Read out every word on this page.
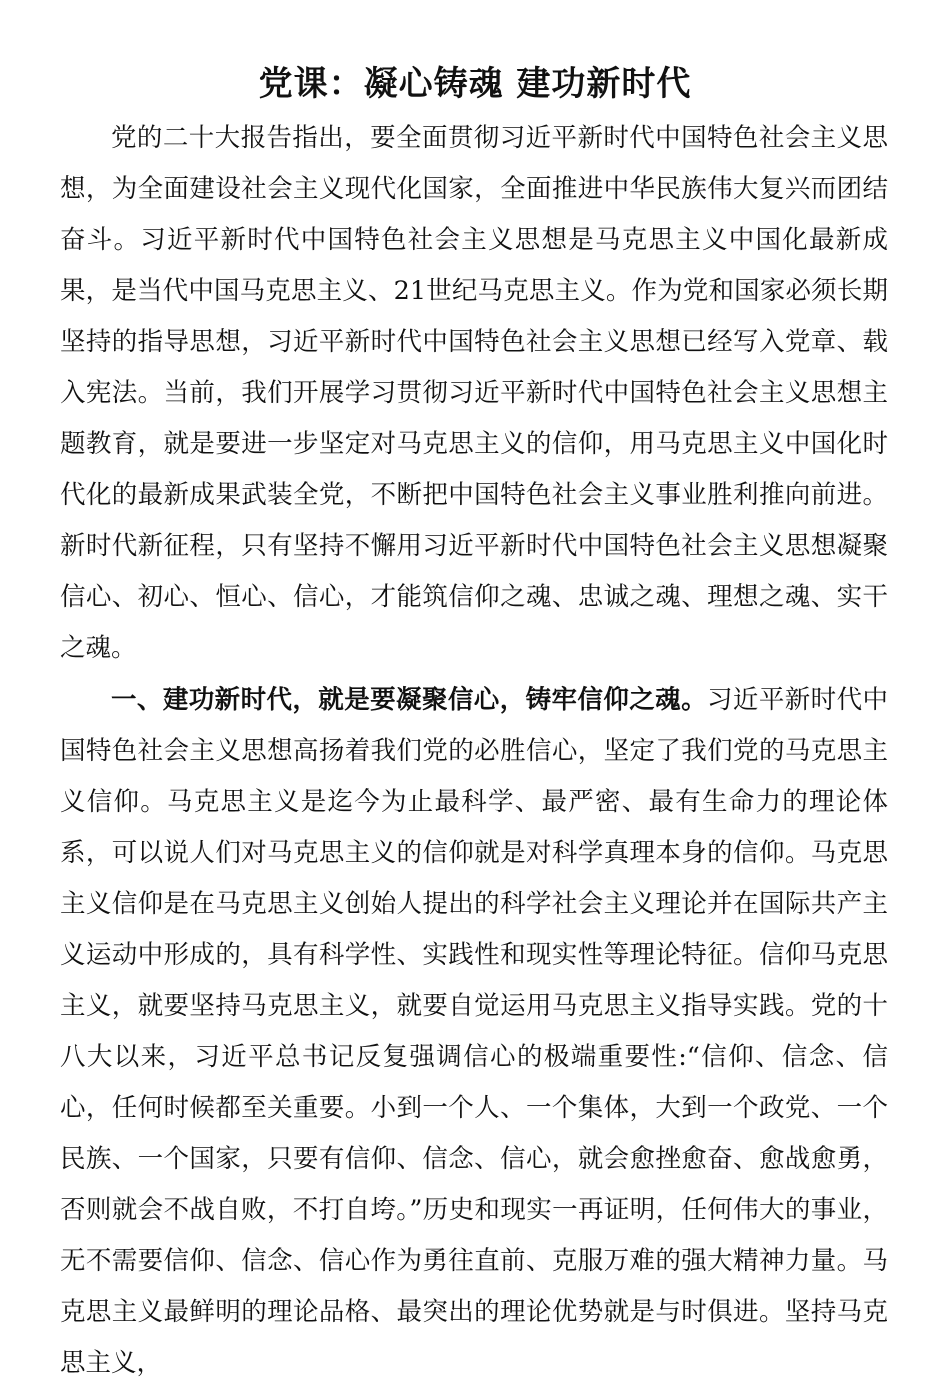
党课：凝心铸魂 建功新时代

党的二十大报告指出，要全面贯彻习近平新时代中国特色社会主义思想，为全面建设社会主义现代化国家，全面推进中华民族伟大复兴而团结奋斗。习近平新时代中国特色社会主义思想是马克思主义中国化最新成果，是当代中国马克思主义、21世纪马克思主义。作为党和国家必须长期坚持的指导思想，习近平新时代中国特色社会主义思想已经写入党章、载入宪法。当前，我们开展学习贯彻习近平新时代中国特色社会主义思想主题教育，就是要进一步坚定对马克思主义的信仰，用马克思主义中国化时代化的最新成果武装全党，不断把中国特色社会主义事业胜利推向前进。新时代新征程，只有坚持不懈用习近平新时代中国特色社会主义思想凝聚信心、初心、恒心、信心，才能筑信仰之魂、忠诚之魂、理想之魂、实干之魂。

一、建功新时代，就是要凝聚信心，铸牢信仰之魂。习近平新时代中国特色社会主义思想高扬着我们党的必胜信心，坚定了我们党的马克思主义信仰。马克思主义是迄今为止最科学、最严密、最有生命力的理论体系，可以说人们对马克思主义的信仰就是对科学真理本身的信仰。马克思主义信仰是在马克思主义创始人提出的科学社会主义理论并在国际共产主义运动中形成的，具有科学性、实践性和现实性等理论特征。信仰马克思主义，就要坚持马克思主义，就要自觉运用马克思主义指导实践。党的十八大以来，习近平总书记反复强调信心的极端重要性:“信仰、信念、信心，任何时候都至关重要。小到一个人、一个集体，大到一个政党、一个民族、一个国家，只要有信仰、信念、信心，就会愈挫愈奋、愈战愈勇，否则就会不战自败，不打自垮。”历史和现实一再证明，任何伟大的事业，无不需要信仰、信念、信心作为勇往直前、克服万难的强大精神力量。马克思主义最鲜明的理论品格、最突出的理论优势就是与时俱进。坚持马克思主义，
